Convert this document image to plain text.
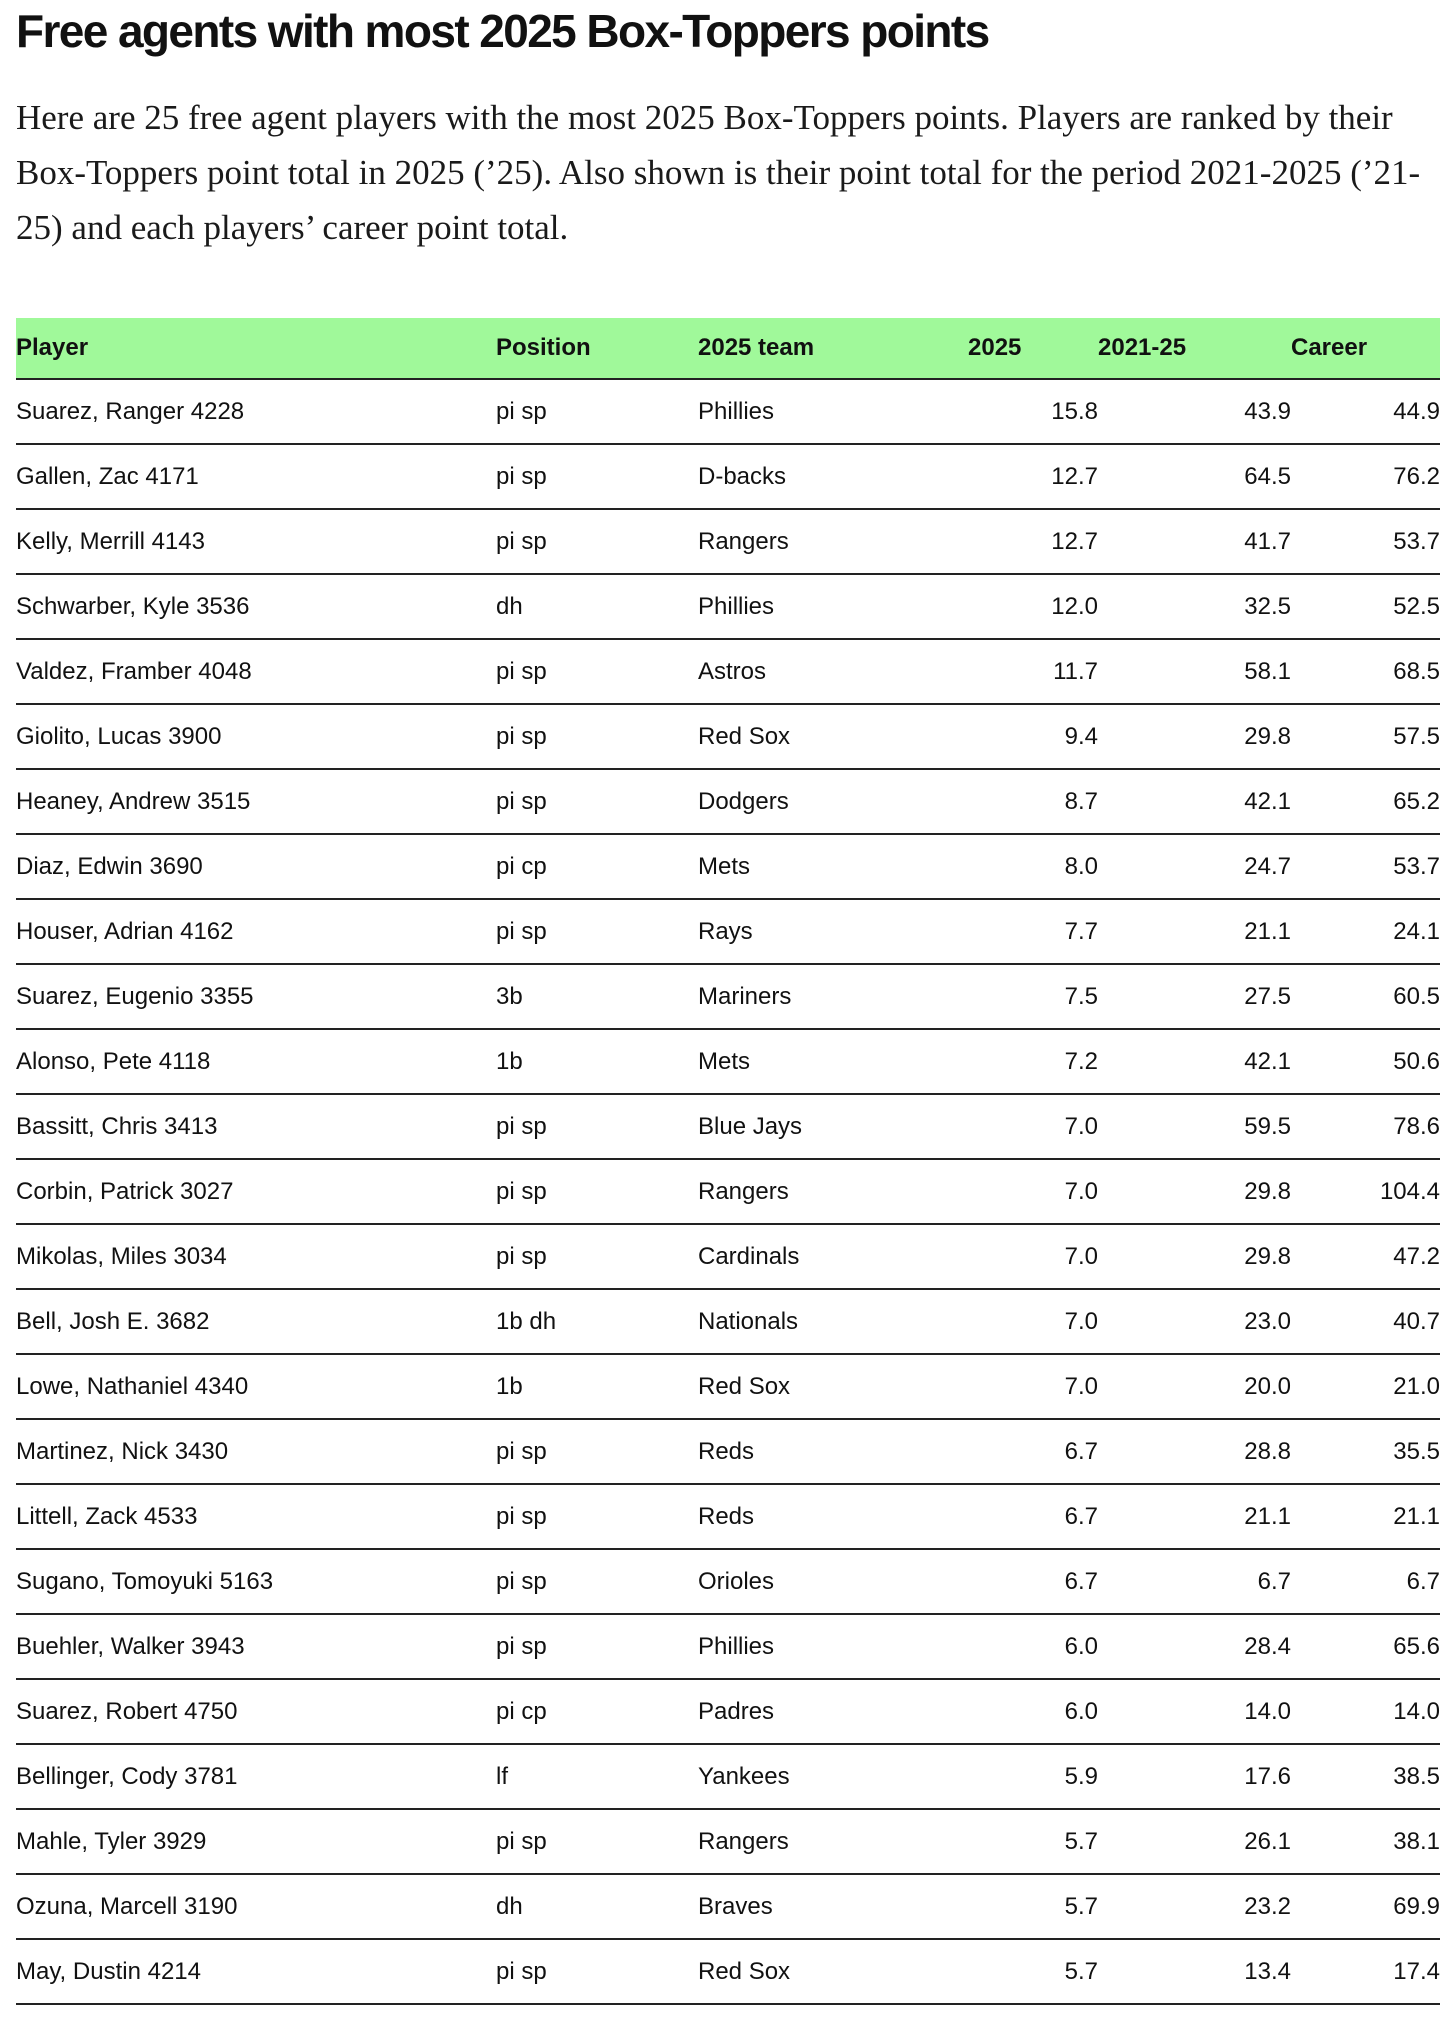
Free agents with most 2025 Box-Toppers points

Here are 25 free agent players with the most 2025 Box-Toppers points. Players are ranked by their Box-Toppers point total in 2025 (’25). Also shown is their point total for the period 2021-2025 (’21-25) and each players’ career point total.

Player	Position	2025 team	2025	2021-25	Career
Suarez, Ranger 4228	pi sp	Phillies	15.8	43.9	44.9
Gallen, Zac 4171	pi sp	D-backs	12.7	64.5	76.2
Kelly, Merrill 4143	pi sp	Rangers	12.7	41.7	53.7
Schwarber, Kyle 3536	dh	Phillies	12.0	32.5	52.5
Valdez, Framber 4048	pi sp	Astros	11.7	58.1	68.5
Giolito, Lucas 3900	pi sp	Red Sox	9.4	29.8	57.5
Heaney, Andrew 3515	pi sp	Dodgers	8.7	42.1	65.2
Diaz, Edwin 3690	pi cp	Mets	8.0	24.7	53.7
Houser, Adrian 4162	pi sp	Rays	7.7	21.1	24.1
Suarez, Eugenio 3355	3b	Mariners	7.5	27.5	60.5
Alonso, Pete 4118	1b	Mets	7.2	42.1	50.6
Bassitt, Chris 3413	pi sp	Blue Jays	7.0	59.5	78.6
Corbin, Patrick 3027	pi sp	Rangers	7.0	29.8	104.4
Mikolas, Miles 3034	pi sp	Cardinals	7.0	29.8	47.2
Bell, Josh E. 3682	1b dh	Nationals	7.0	23.0	40.7
Lowe, Nathaniel 4340	1b	Red Sox	7.0	20.0	21.0
Martinez, Nick 3430	pi sp	Reds	6.7	28.8	35.5
Littell, Zack 4533	pi sp	Reds	6.7	21.1	21.1
Sugano, Tomoyuki 5163	pi sp	Orioles	6.7	6.7	6.7
Buehler, Walker 3943	pi sp	Phillies	6.0	28.4	65.6
Suarez, Robert 4750	pi cp	Padres	6.0	14.0	14.0
Bellinger, Cody 3781	lf	Yankees	5.9	17.6	38.5
Mahle, Tyler 3929	pi sp	Rangers	5.7	26.1	38.1
Ozuna, Marcell 3190	dh	Braves	5.7	23.2	69.9
May, Dustin 4214	pi sp	Red Sox	5.7	13.4	17.4
